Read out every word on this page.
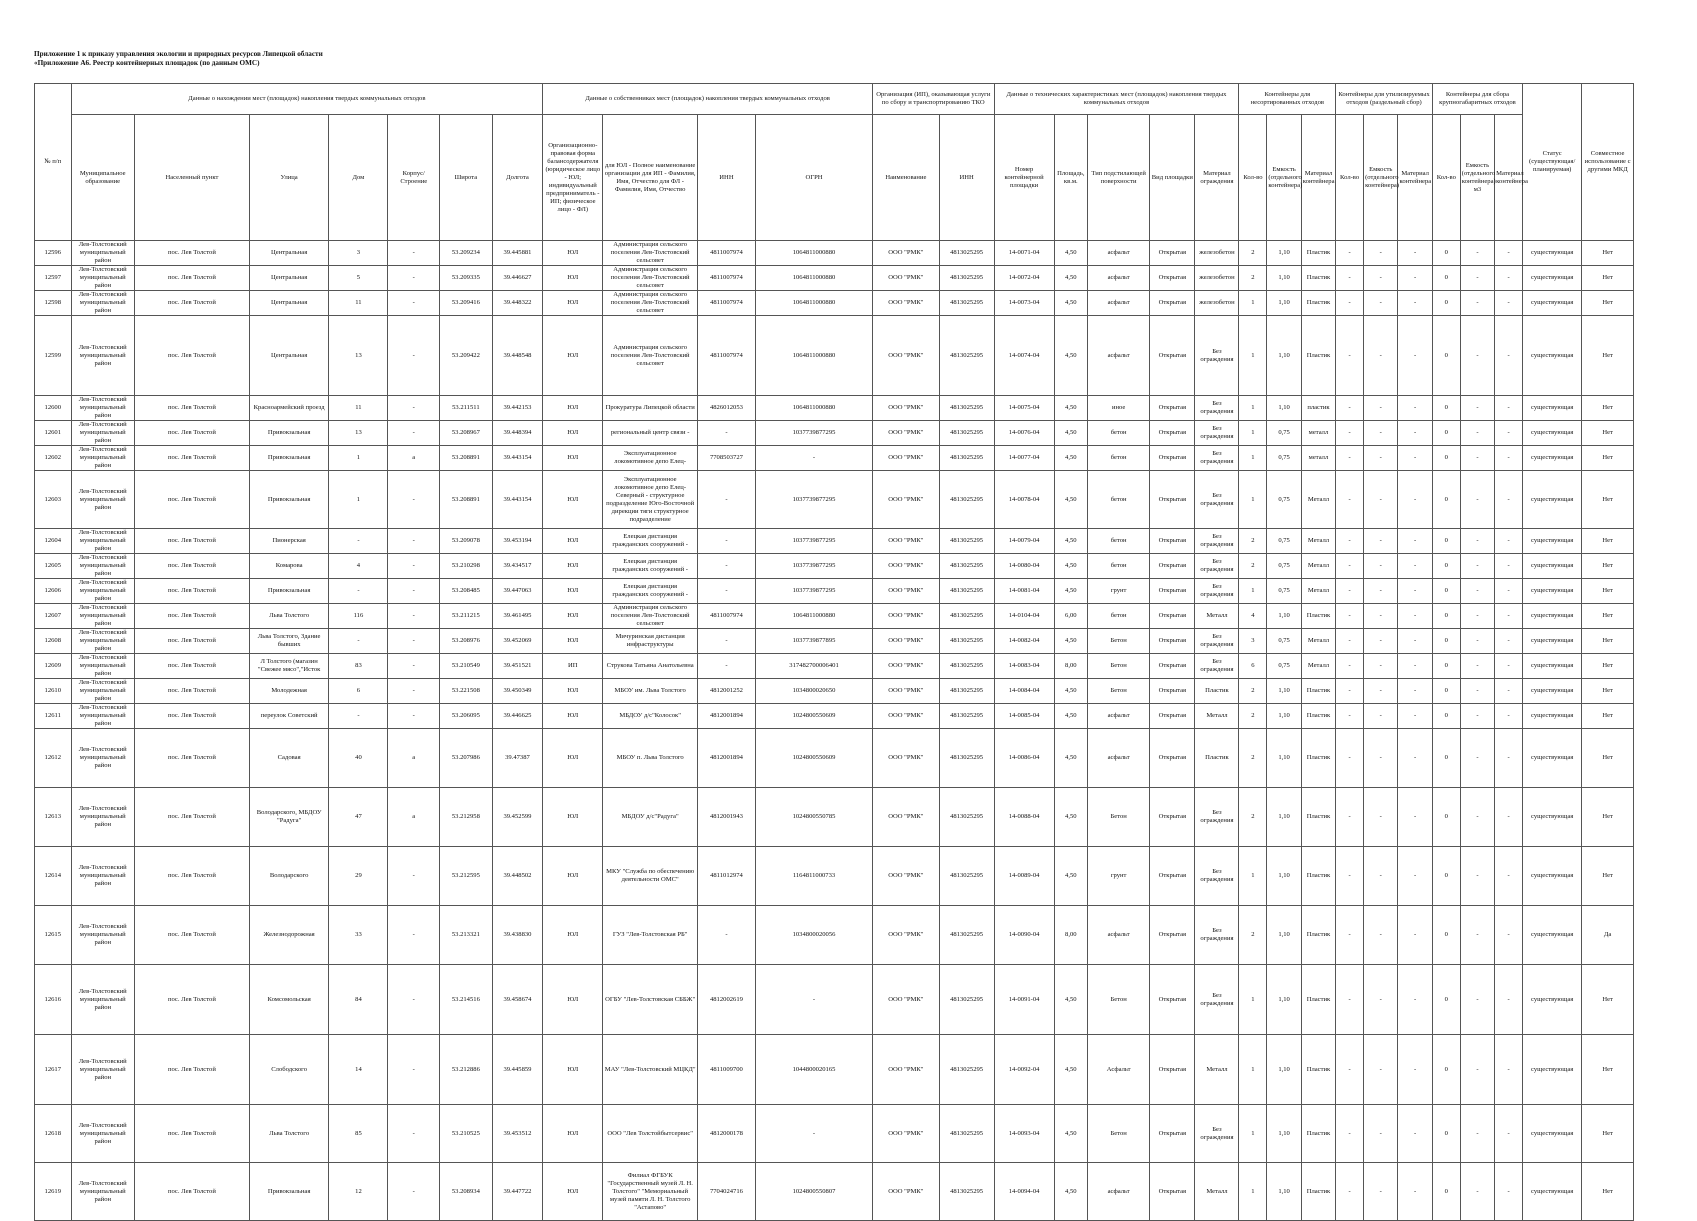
Приложение 1 к приказу управления экологии и природных ресурсов Липецкой области
«Приложение А6. Реестр контейнерных площадок (по данным ОМС)
№ п/п	Данные о нахождении мест (площадок) накопления твердых коммунальных отходов							Данные о собственниках мест (площадок) накопления твердых коммунальных отходов				Организация (ИП), оказывающая услуги по сбору и транспортированию ТКО		Данные о технических характеристиках мест (площадок) накопления твердых коммунальных отходов					Контейнеры для несортированных отходов			Контейнеры для утилизируемых отходов (раздельный сбор)			Контейнеры для сбора крупногабаритных отходов			Статус (существующая/планируемая)	Совместное использование с другими МКД
	Муниципальное образование	Населенный пункт	Улица	Дом	Корпус/Строение	Широта	Долгота	Организационно-правовая форма балансодержателя (юридическое лицо - ЮЛ; индивидуальный предприниматель - ИП; физическое лицо - ФЛ)	для ЮЛ - Полное наименование организации для ИП - Фамилия, Имя, Отчество для ФЛ - Фамилия, Имя, Отчество	ИНН	ОГРН	Наименование	ИНН	Номер контейнерной площадки	Площадь, кв.м.	Тип подстилающей поверхности	Вид площадки	Материал ограждения	Кол-во	Емкость (отдельного контейнера)	Материал контейнера	Кол-во	Емкость (отдельного контейнера)	Материал контейнера	Кол-во	Емкость (отдельного контейнера) м3	Материал контейнера		
12596	Лев-Толстовский муниципальный район	пос. Лев Толстой	Центральная	3	-	53.209234	39.445881	ЮЛ	Администрация сельского поселения Лев-Толстовский сельсовет	4811007974	1064811000880	ООО "РМК"	4813025295	14-0071-04	4,50	асфальт	Открытая	железобетон	2	1,10	Пластик	-	-	-	0	-	-	существующая	Нет
12597	Лев-Толстовский муниципальный район	пос. Лев Толстой	Центральная	5	-	53.209335	39.446627	ЮЛ	Администрация сельского поселения Лев-Толстовский сельсовет	4811007974	1064811000880	ООО "РМК"	4813025295	14-0072-04	4,50	асфальт	Открытая	железобетон	2	1,10	Пластик	-	-	-	0	-	-	существующая	Нет
12598	Лев-Толстовский муниципальный район	пос. Лев Толстой	Центральная	11	-	53.209416	39.448322	ЮЛ	Администрация сельского поселения Лев-Толстовский сельсовет	4811007974	1064811000880	ООО "РМК"	4813025295	14-0073-04	4,50	асфальт	Открытая	железобетон	1	1,10	Пластик	-	-	-	0	-	-	существующая	Нет
12599	Лев-Толстовский муниципальный район	пос. Лев Толстой	Центральная	13	-	53.209422	39.448548	ЮЛ	Администрация сельского поселения Лев-Толстовский сельсовет	4811007974	1064811000880	ООО "РМК"	4813025295	14-0074-04	4,50	асфальт	Открытая	Без ограждения	1	1,10	Пластик	-	-	-	0	-	-	существующая	Нет
12600	Лев-Толстовский муниципальный район	пос. Лев Толстой	Красноармейский проезд	11	-	53.211511	39.442153	ЮЛ	Прокуратура Липецкой области	4826012053	1064811000880	ООО "РМК"	4813025295	14-0075-04	4,50	иное	Открытая	Без ограждения	1	1,10	пластик	-	-	-	0	-	-	существующая	Нет
12601	Лев-Толстовский муниципальный район	пос. Лев Толстой	Привокзальная	13	-	53.208967	39.448394	ЮЛ	региональный центр связи -	-	1037739877295	ООО "РМК"	4813025295	14-0076-04	4,50	бетон	Открытая	Без ограждения	1	0,75	металл	-	-	-	0	-	-	существующая	Нет
12602	Лев-Толстовский муниципальный район	пос. Лев Толстой	Привокзальная	1	а	53.208891	39.443154	ЮЛ	Эксплуатационное локомотивное депо Елец-	7708503727	-	ООО "РМК"	4813025295	14-0077-04	4,50	бетон	Открытая	Без ограждения	1	0,75	металл	-	-	-	0	-	-	существующая	Нет
12603	Лев-Толстовский муниципальный район	пос. Лев Толстой	Привокзальная	1	-	53.208891	39.443154	ЮЛ	Эксплуатационное локомотивное депо Елец-Северный - структурное подразделение Юго-Восточной дирекции тяги структурное подразделение	-	1037739877295	ООО "РМК"	4813025295	14-0078-04	4,50	бетон	Открытая	Без ограждения	1	0,75	Металл	-	-	-	0	-	-	существующая	Нет
12604	Лев-Толстовский муниципальный район	пос. Лев Толстой	Пионерская	-	-	53.209078	39.453194	ЮЛ	Елецкая дистанция гражданских сооружений -	-	1037739877295	ООО "РМК"	4813025295	14-0079-04	4,50	бетон	Открытая	Без ограждения	2	0,75	Металл	-	-	-	0	-	-	существующая	Нет
12605	Лев-Толстовский муниципальный район	пос. Лев Толстой	Комарова	4	-	53.210298	39.434517	ЮЛ	Елецкая дистанция гражданских сооружений -	-	1037739877295	ООО "РМК"	4813025295	14-0080-04	4,50	бетон	Открытая	Без ограждения	2	0,75	Металл	-	-	-	0	-	-	существующая	Нет
12606	Лев-Толстовский муниципальный район	пос. Лев Толстой	Привокзальная	-	-	53.208485	39.447063	ЮЛ	Елецкая дистанция гражданских сооружений -	-	1037739877295	ООО "РМК"	4813025295	14-0081-04	4,50	грунт	Открытая	Без ограждения	1	0,75	Металл	-	-	-	0	-	-	существующая	Нет
12607	Лев-Толстовский муниципальный район	пос. Лев Толстой	Льва Толстого	116	-	53.211215	39.461495	ЮЛ	Администрация сельского поселения Лев-Толстовский сельсовет	4811007974	1064811000880	ООО "РМК"	4813025295	14-0104-04	6,00	бетон	Открытая	Металл	4	1,10	Пластик	-	-	-	0	-	-	существующая	Нет
12608	Лев-Толстовский муниципальный район	пос. Лев Толстой	Льва Толстого, Здание бывших	-	-	53.208976	39.452069	ЮЛ	Мичуринская дистанция инфраструктуры	-	1037739877895	ООО "РМК"	4813025295	14-0082-04	4,50	Бетон	Открытая	Без ограждения	3	0,75	Металл	-	-	-	0	-	-	существующая	Нет
12609	Лев-Толстовский муниципальный район	пос. Лев Толстой	Л Толстого (магазин "Свежее мясо","Исток	83	-	53.210549	39.451521	ИП	Струкова Татьяна Анатольевна	-	317482700006401	ООО "РМК"	4813025295	14-0083-04	8,00	Бетон	Открытая	Без ограждения	6	0,75	Металл	-	-	-	0	-	-	существующая	Нет
12610	Лев-Толстовский муниципальный район	пос. Лев Толстой	Молодежная	6	-	53.221508	39.450349	ЮЛ	МБОУ им. Льва Толстого	4812001252	1034800020650	ООО "РМК"	4813025295	14-0084-04	4,50	Бетон	Открытая	Пластик	2	1,10	Пластик	-	-	-	0	-	-	существующая	Нет
12611	Лев-Толстовский муниципальный район	пос. Лев Толстой	переулок Советский	-	-	53.206095	39.446625	ЮЛ	МБДОУ д/с"Колосок"	4812001894	1024800550609	ООО "РМК"	4813025295	14-0085-04	4,50	асфальт	Открытая	Металл	2	1,10	Пластик	-	-	-	0	-	-	существующая	Нет
12612	Лев-Толстовский муниципальный район	пос. Лев Толстой	Садовая	40	а	53.207986	39.47387	ЮЛ	МБОУ п. Льва Толстого	4812001894	1024800550609	ООО "РМК"	4813025295	14-0086-04	4,50	асфальт	Открытая	Пластик	2	1,10	Пластик	-	-	-	0	-	-	существующая	Нет
12613	Лев-Толстовский муниципальный район	пос. Лев Толстой	Володарского, МБДОУ "Радуга"	47	а	53.212958	39.452599	ЮЛ	МБДОУ д/с"Радуга"	4812001943	1024800550785	ООО "РМК"	4813025295	14-0088-04	4,50	Бетон	Открытая	Без ограждения	2	1,10	Пластик	-	-	-	0	-	-	существующая	Нет
12614	Лев-Толстовский муниципальный район	пос. Лев Толстой	Володарского	29	-	53.212595	39.448502	ЮЛ	МКУ "Служба по обеспечению деятельности ОМС"	4811012974	1164811000733	ООО "РМК"	4813025295	14-0089-04	4,50	грунт	Открытая	Без ограждения	1	1,10	Пластик	-	-	-	0	-	-	существующая	Нет
12615	Лев-Толстовский муниципальный район	пос. Лев Толстой	Железнодорожная	33	-	53.213321	39.438830	ЮЛ	ГУЗ "Лев-Толстовская РБ"	-	1034800020056	ООО "РМК"	4813025295	14-0090-04	8,00	асфальт	Открытая	Без ограждения	2	1,10	Пластик	-	-	-	0	-	-	существующая	Да
12616	Лев-Толстовский муниципальный район	пос. Лев Толстой	Комсомольская	84	-	53.214516	39.458674	ЮЛ	ОГБУ "Лев-Толстовская СББЖ"	4812002619	-	ООО "РМК"	4813025295	14-0091-04	4,50	Бетон	Открытая	Без ограждения	1	1,10	Пластик	-	-	-	0	-	-	существующая	Нет
12617	Лев-Толстовский муниципальный район	пос. Лев Толстой	Слободского	14	-	53.212886	39.445859	ЮЛ	МАУ "Лев-Толстовский МЦКД"	4811009700	1044800020165	ООО "РМК"	4813025295	14-0092-04	4,50	Асфальт	Открытая	Металл	1	1,10	Пластик	-	-	-	0	-	-	существующая	Нет
12618	Лев-Толстовский муниципальный район	пос. Лев Толстой	Льва Толстого	85	-	53.210525	39.453512	ЮЛ	ООО "Лев Толстойбытсервис"	4812000178	-	ООО "РМК"	4813025295	14-0093-04	4,50	Бетон	Открытая	Без ограждения	1	1,10	Пластик	-	-	-	0	-	-	существующая	Нет
12619	Лев-Толстовский муниципальный район	пос. Лев Толстой	Привокзальная	12	-	53.208934	39.447722	ЮЛ	Филиал ФГБУК "Государственный музей Л. Н. Толстого" "Мемориальный музей памяти Л. Н. Толстого "Астапово"	7704024716	1024800550807	ООО "РМК"	4813025295	14-0094-04	4,50	асфальт	Открытая	Металл	1	1,10	Пластик	-	-	-	0	-	-	существующая	Нет
